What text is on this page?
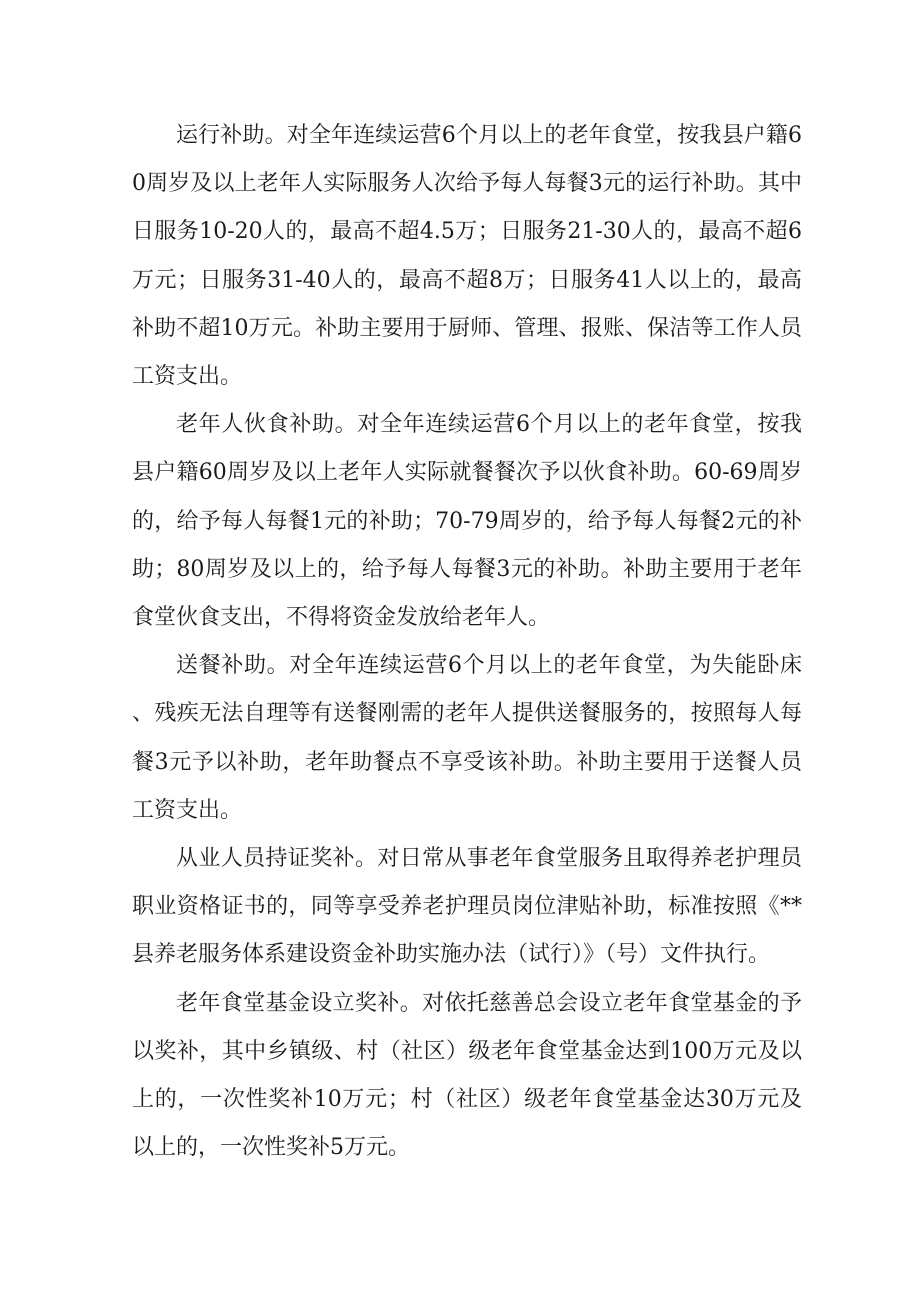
运行补助。对全年连续运营6个月以上的老年食堂，按我县户籍60周岁及以上老年人实际服务人次给予每人每餐3元的运行补助。其中日服务10-20人的，最高不超4.5万；日服务21-30人的，最高不超6万元；日服务31-40人的，最高不超8万；日服务41人以上的，最高补助不超10万元。补助主要用于厨师、管理、报账、保洁等工作人员工资支出。

老年人伙食补助。对全年连续运营6个月以上的老年食堂，按我县户籍60周岁及以上老年人实际就餐餐次予以伙食补助。60-69周岁的，给予每人每餐1元的补助；70-79周岁的，给予每人每餐2元的补助；80周岁及以上的，给予每人每餐3元的补助。补助主要用于老年食堂伙食支出，不得将资金发放给老年人。

送餐补助。对全年连续运营6个月以上的老年食堂，为失能卧床、残疾无法自理等有送餐刚需的老年人提供送餐服务的，按照每人每餐3元予以补助，老年助餐点不享受该补助。补助主要用于送餐人员工资支出。

从业人员持证奖补。对日常从事老年食堂服务且取得养老护理员职业资格证书的，同等享受养老护理员岗位津贴补助，标准按照《**县养老服务体系建设资金补助实施办法（试行）》（号）文件执行。

老年食堂基金设立奖补。对依托慈善总会设立老年食堂基金的予以奖补，其中乡镇级、村（社区）级老年食堂基金达到100万元及以上的，一次性奖补10万元；村（社区）级老年食堂基金达30万元及以上的，一次性奖补5万元。
